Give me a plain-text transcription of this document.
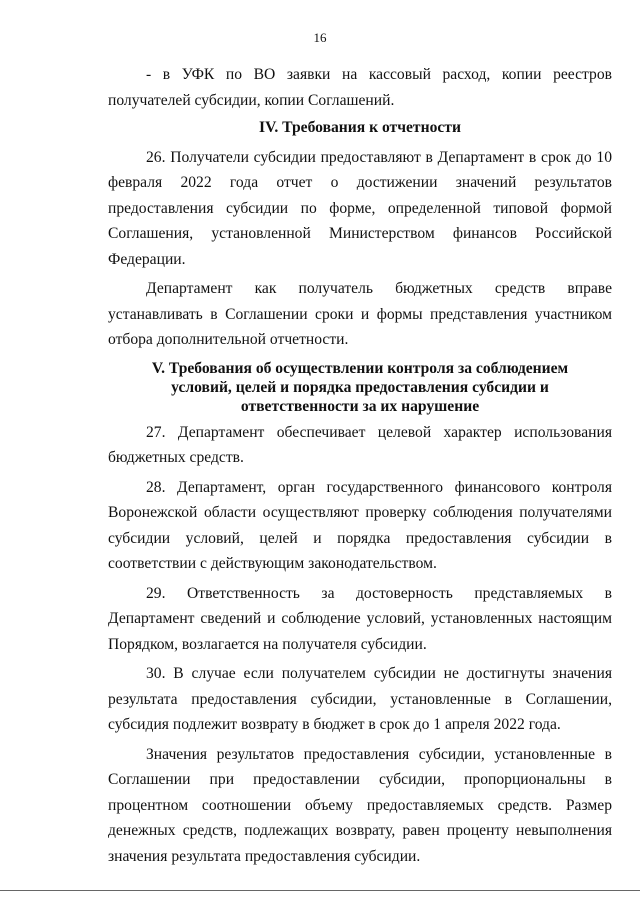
16

- в УФК по ВО заявки на кассовый расход, копии реестров получателей субсидии, копии Соглашений.

IV. Требования к отчетности

26. Получатели субсидии предоставляют в Департамент в срок до 10 февраля 2022 года отчет о достижении значений результатов предоставления субсидии по форме, определенной типовой формой Соглашения, установленной Министерством финансов Российской Федерации.

Департамент как получатель бюджетных средств вправе устанавливать в Соглашении сроки и формы представления участником отбора дополнительной отчетности.

V. Требования об осуществлении контроля за соблюдением
условий, целей и порядка предоставления субсидии и
ответственности за их нарушение

27. Департамент обеспечивает целевой характер использования бюджетных средств.

28. Департамент, орган государственного финансового контроля Воронежской области осуществляют проверку соблюдения получателями субсидии условий, целей и порядка предоставления субсидии в соответствии с действующим законодательством.

29. Ответственность за достоверность представляемых в Департамент сведений и соблюдение условий, установленных настоящим Порядком, возлагается на получателя субсидии.

30. В случае если получателем субсидии не достигнуты значения результата предоставления субсидии, установленные в Соглашении, субсидия подлежит возврату в бюджет в срок до 1 апреля 2022 года.

Значения результатов предоставления субсидии, установленные в Соглашении при предоставлении субсидии, пропорциональны в процентном соотношении объему предоставляемых средств. Размер денежных средств, подлежащих возврату, равен проценту невыполнения значения результата предоставления субсидии.
